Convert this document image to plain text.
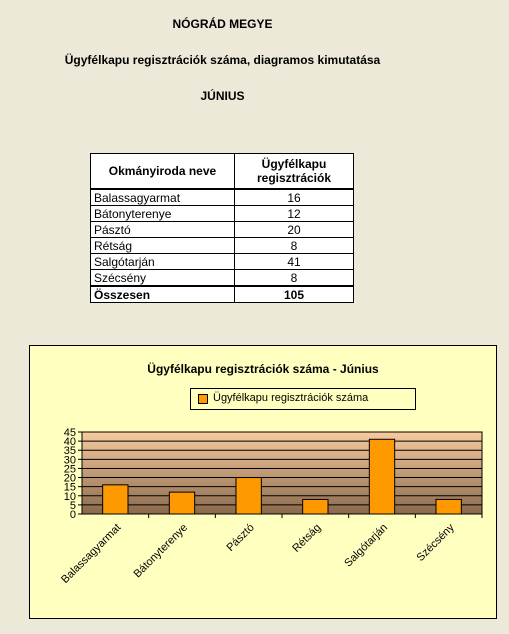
NÓGRÁD MEGYE
Ügyfélkapu regisztrációk száma, diagramos kimutatása
JÚNIUS
Okmányiroda neve	Ügyfélkapu
regisztrációk
Balassagyarmat	16
Bátonyterenye	12
Pásztó	20
Rétság	8
Salgótarján	41
Szécsény	8
Összesen	105
Ügyfélkapu regisztrációk száma - Június
Ügyfélkapu regisztrációk száma
0
5
10
15
20
25
30
35
40
45
Balassagyarmat Bátonyterenye	Pásztó	Rétság Salgótarján Szécsény
